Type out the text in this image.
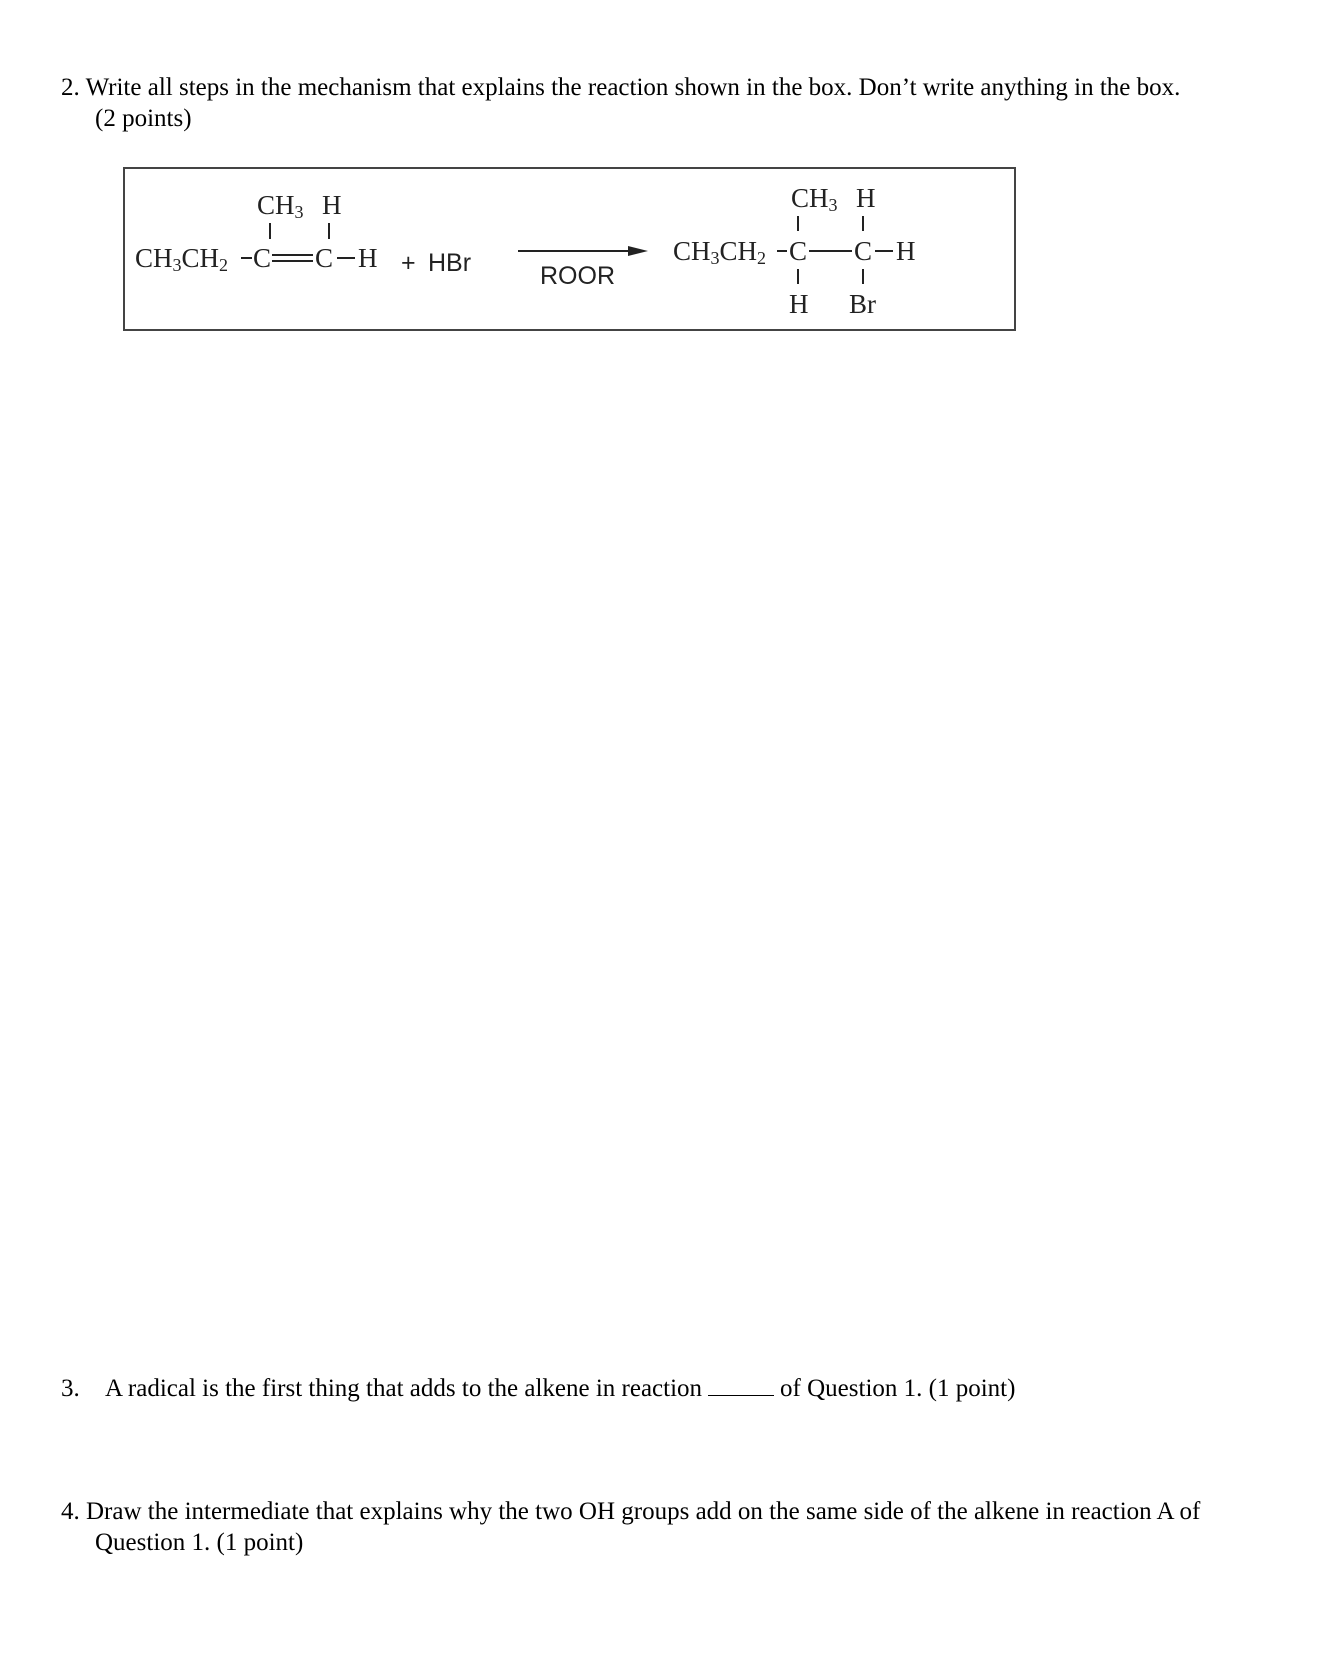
2. Write all steps in the mechanism that explains the reaction shown in the box. Don’t write anything in the box.
(2 points)
CH3 H
CH3CH2 C C H + HBr	ROOR
CH3 H
CH3CH2 C C H
H Br
3. A radical is the first thing that adds to the alkene in reaction	of Question 1. (1 point)
4. Draw the intermediate that explains why the two OH groups add on the same side of the alkene in reaction A of
Question 1. (1 point)
